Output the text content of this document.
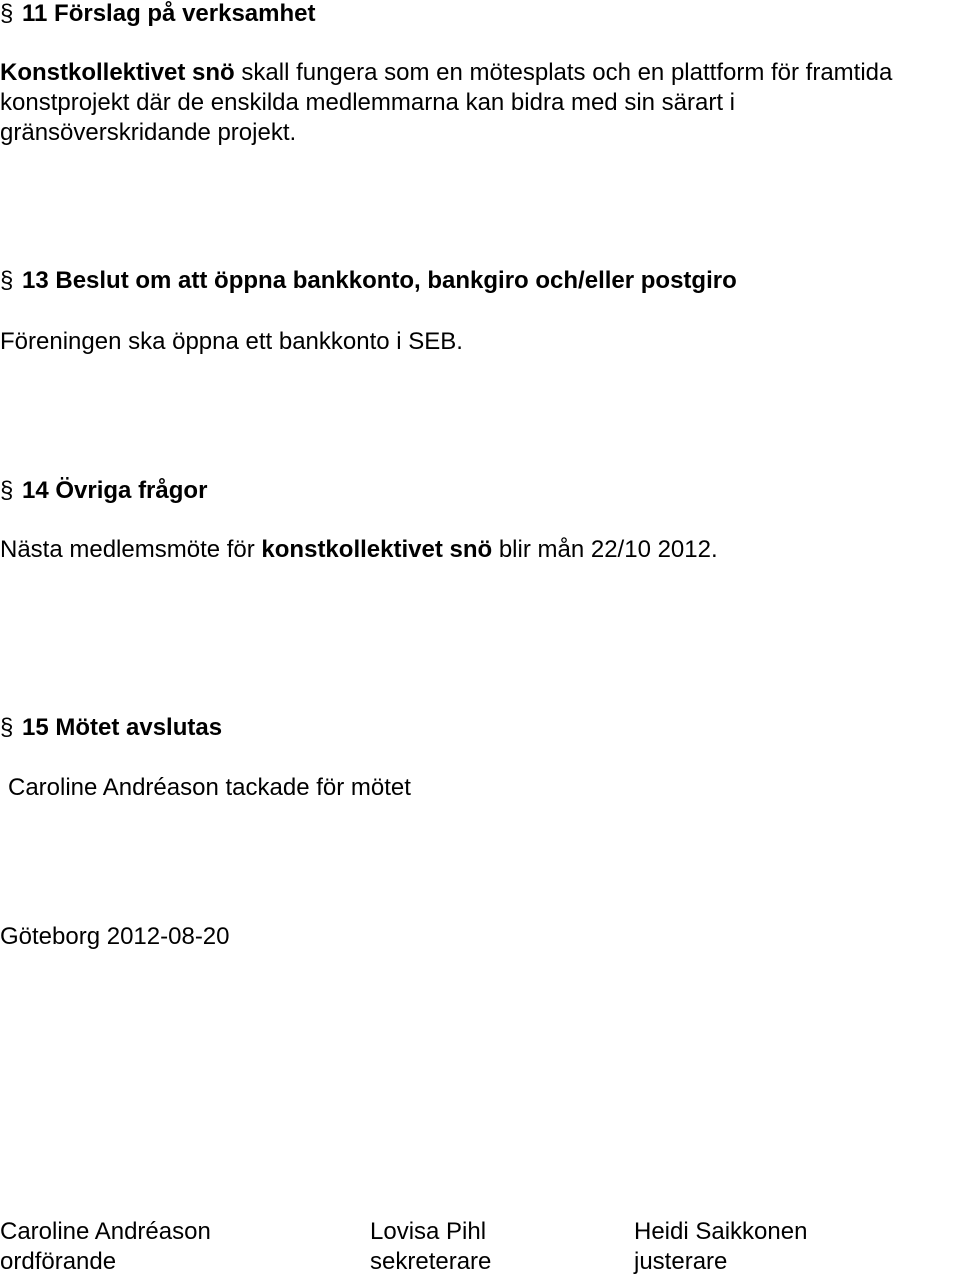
§ 11 Förslag på verksamhet
Konstkollektivet snö skall fungera som en mötesplats och en plattform för framtida
konstprojekt där de enskilda medlemmarna kan bidra med sin särart i
gränsöverskridande projekt.
§ 13 Beslut om att öppna bankkonto, bankgiro och/eller postgiro
Föreningen ska öppna ett bankkonto i SEB.
§ 14 Övriga frågor
Nästa medlemsmöte för konstkollektivet snö blir mån 22/10 2012.
§ 15 Mötet avslutas
Caroline Andréason tackade för mötet
Göteborg 2012-08-20
Caroline Andréason
ordförande
Lovisa Pihl
sekreterare
Heidi Saikkonen
justerare
